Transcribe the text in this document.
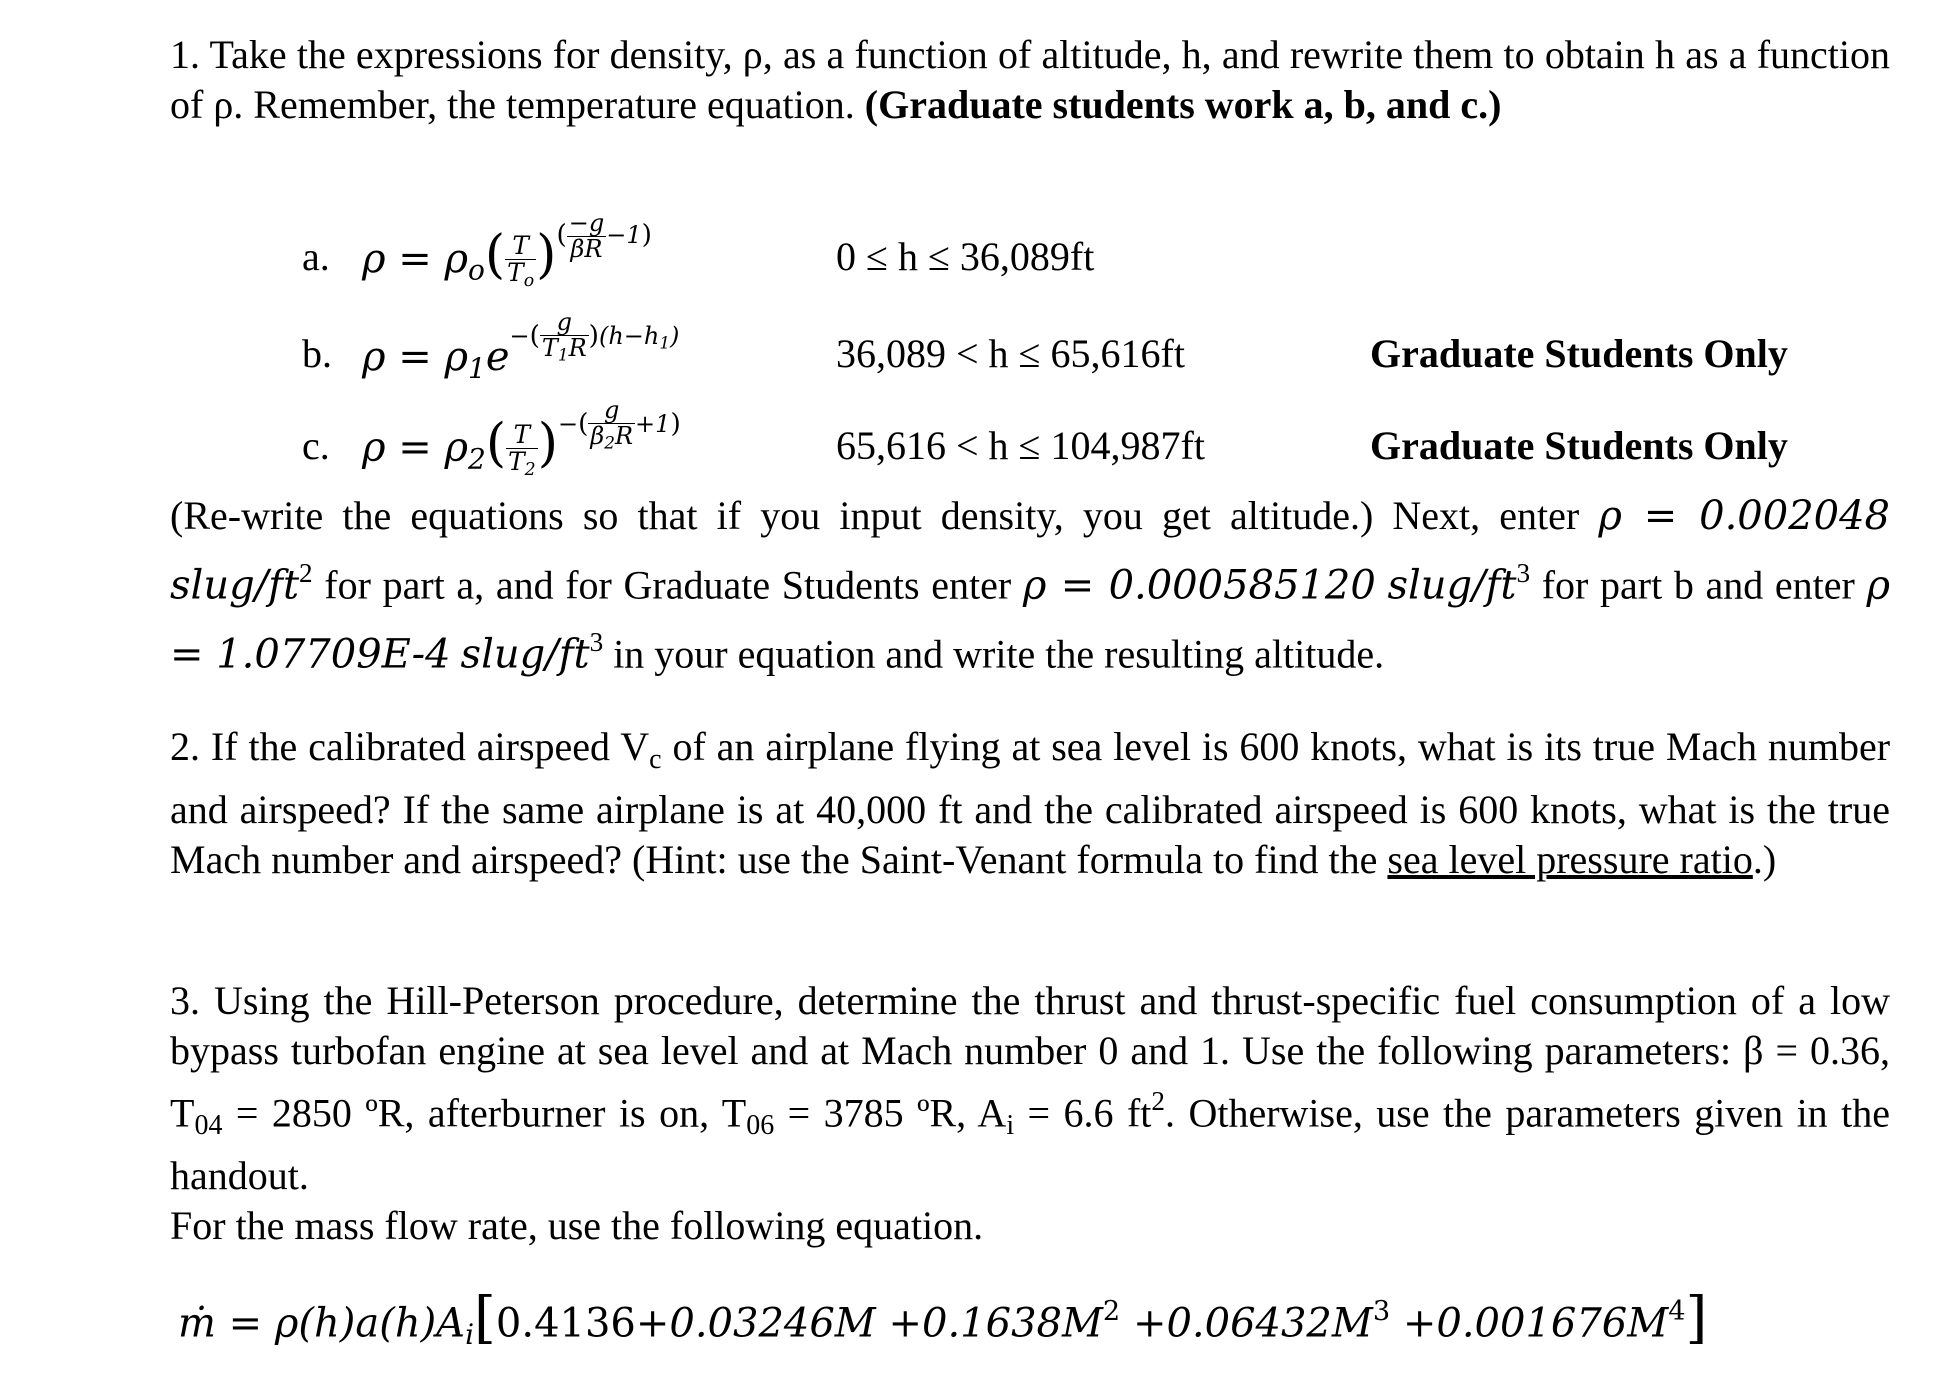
1. Take the expressions for density, ρ, as a function of altitude, h, and rewrite them to obtain h as a function of ρ. Remember, the temperature equation. (Graduate students work a, b, and c.)
a. $\rho = \rho_o( \frac{T}{T_o} )^{( \frac{-g}{\beta R} -1)}$	0 ≤ h ≤ 36,089ft
b. $\rho = \rho_1e^{-( \frac{g}{T_1R} )(h-h_1)}$	36,089 < h ≤ 65,616ft	Graduate Students Only
c. $\rho = \rho_2( \frac{T}{T_2} )^{-( \frac{g}{\beta_2R} +1)}$	65,616 < h ≤ 104,987ft	Graduate Students Only
(Re-write the equations so that if you input density, you get altitude.) Next, enter ρ = 0.002048 slug/$ft^2$ for part a, and for Graduate Students enter ρ = 0.000585120 slug/$ft^3$ for part b and enter ρ = 1.07709E-4 slug/$ft^3$ in your equation and write the resulting altitude.
2. If the calibrated airspeed $V_c$ of an airplane flying at sea level is 600 knots, what is its true Mach number and airspeed? If the same airplane is at 40,000 ft and the calibrated airspeed is 600 knots, what is the true Mach number and airspeed? (Hint: use the Saint-Venant formula to find the sea level pressure ratio.)
3. Using the Hill-Peterson procedure, determine the thrust and thrust-specific fuel consumption of a low bypass turbofan engine at sea level and at Mach number 0 and 1. Use the following parameters: β = 0.36, $T_{04} = 2850$ ºR, afterburner is on, $T_{06} = 3785$ ºR, $A_i = 6.6$ $ft^2$. Otherwise, use the parameters given in the handout.
For the mass flow rate, use the following equation.
ṁ = $\rho(h)a(h)A_i[0.4136+0.03246M +0.1638M^2 +0.06432M^3 +0.001676M^4]$
